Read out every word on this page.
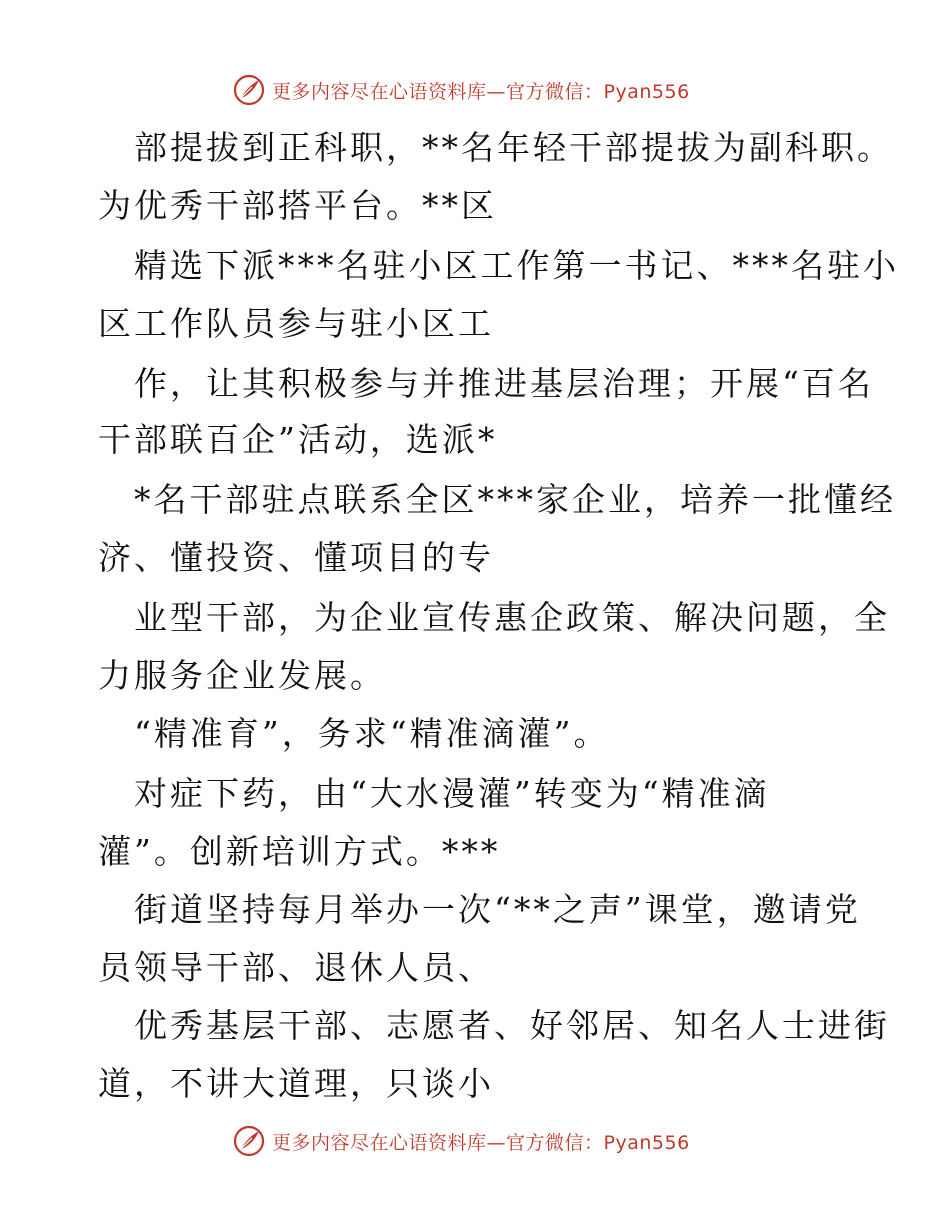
更多内容尽在心语资料库—官方微信：Pyan556
部提拔到正科职，**名年轻干部提拔为副科职。
为优秀干部搭平台。**区
精选下派***名驻小区工作第一书记、***名驻小
区工作队员参与驻小区工
作，让其积极参与并推进基层治理；开展“百名
干部联百企”活动，选派*
*名干部驻点联系全区***家企业，培养一批懂经
济、懂投资、懂项目的专
业型干部，为企业宣传惠企政策、解决问题，全
力服务企业发展。
“精准育”，务求“精准滴灌”。
对症下药，由“大水漫灌”转变为“精准滴
灌”。创新培训方式。***
街道坚持每月举办一次“**之声”课堂，邀请党
员领导干部、退休人员、
优秀基层干部、志愿者、好邻居、知名人士进街
道，不讲大道理，只谈小
更多内容尽在心语资料库—官方微信：Pyan556
